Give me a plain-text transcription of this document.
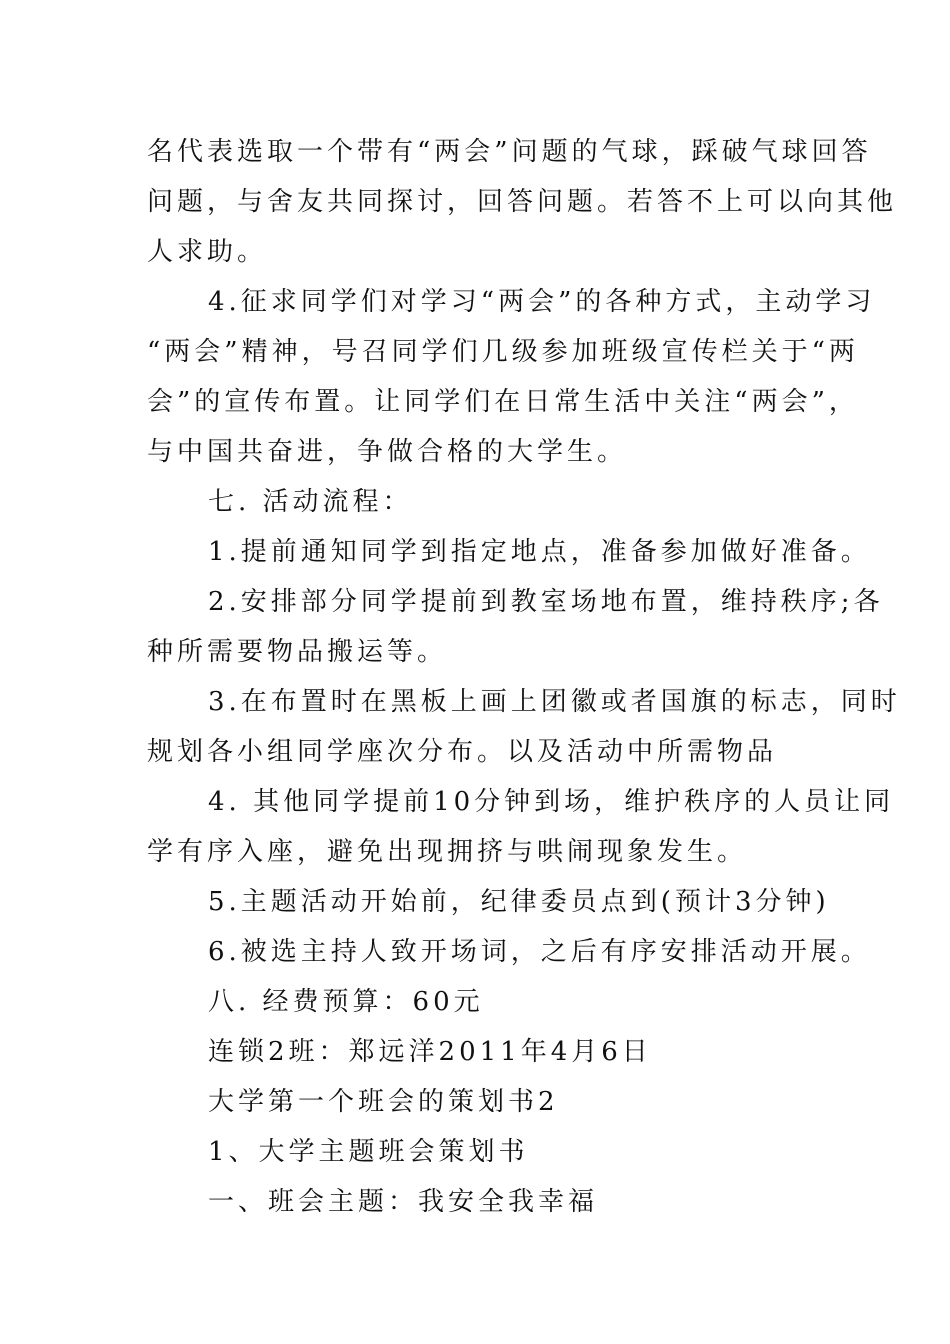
名代表选取一个带有“两会”问题的气球，踩破气球回答
问题，与舍友共同探讨，回答问题。若答不上可以向其他
人求助。
4.征求同学们对学习“两会”的各种方式，主动学习
“两会”精神，号召同学们几级参加班级宣传栏关于“两
会”的宣传布置。让同学们在日常生活中关注“两会”，
与中国共奋进，争做合格的大学生。
七. 活动流程：
1.提前通知同学到指定地点，准备参加做好准备。
2.安排部分同学提前到教室场地布置，维持秩序;各
种所需要物品搬运等。
3.在布置时在黑板上画上团徽或者国旗的标志，同时
规划各小组同学座次分布。以及活动中所需物品
4. 其他同学提前10分钟到场，维护秩序的人员让同
学有序入座，避免出现拥挤与哄闹现象发生。
5.主题活动开始前，纪律委员点到(预计3分钟)
6.被选主持人致开场词，之后有序安排活动开展。
八. 经费预算：60元
连锁2班：郑远洋2011年4月6日
大学第一个班会的策划书2
1、大学主题班会策划书
一、班会主题：我安全我幸福
